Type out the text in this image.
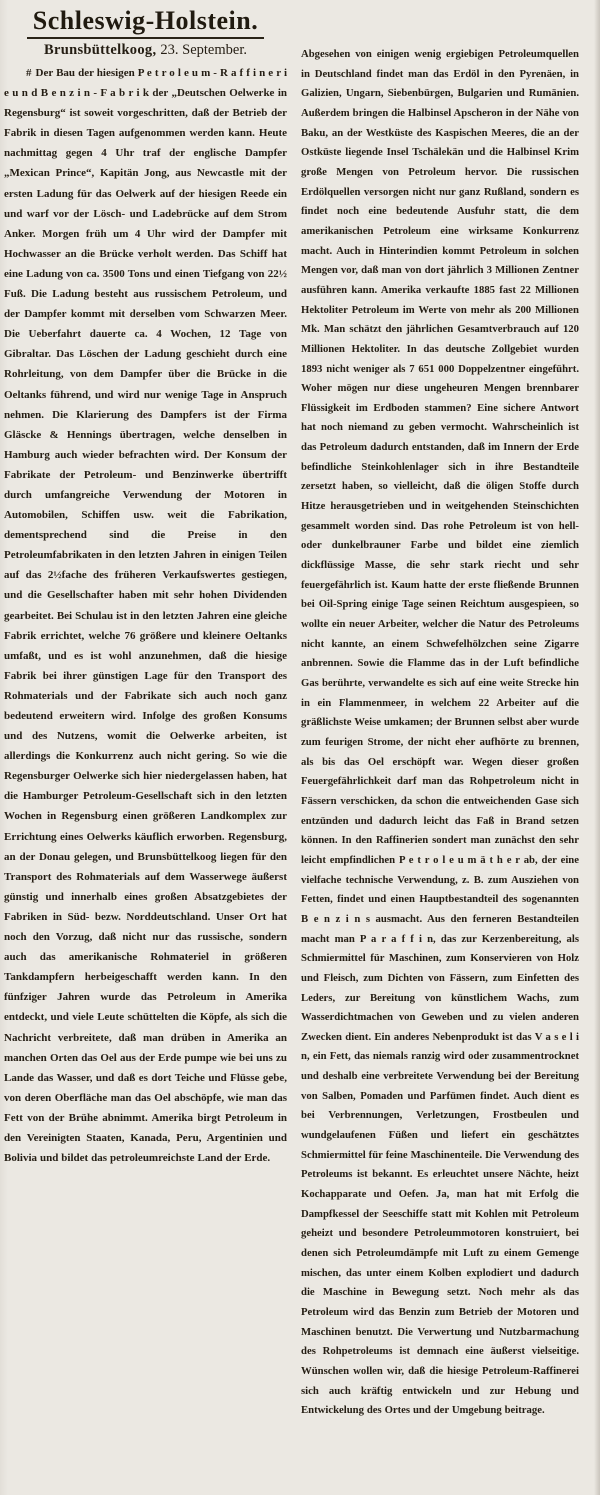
Schleswig-Holstein.

Brunsbüttelkoog, 23. September.

# Der Bau der hiesigen P e t r o l e u m - R a f f i n e r i e u n d B e n z i n - F a b r i k der „Deutschen Oelwerke in Regensburg“ ist soweit vorgeschritten, daß der Betrieb der Fabrik in diesen Tagen aufgenommen werden kann. Heute nachmittag gegen 4 Uhr traf der englische Dampfer „Mexican Prince“, Kapitän Jong, aus Newcastle mit der ersten Ladung für das Oelwerk auf der hiesigen Reede ein und warf vor der Lösch- und Ladebrücke auf dem Strom Anker. Morgen früh um 4 Uhr wird der Dampfer mit Hochwasser an die Brücke verholt werden. Das Schiff hat eine Ladung von ca. 3500 Tons und einen Tiefgang von 22½ Fuß. Die Ladung besteht aus russischem Petroleum, und der Dampfer kommt mit derselben vom Schwarzen Meer. Die Ueberfahrt dauerte ca. 4 Wochen, 12 Tage von Gibraltar. Das Löschen der Ladung geschieht durch eine Rohrleitung, von dem Dampfer über die Brücke in die Oeltanks führend, und wird nur wenige Tage in Anspruch nehmen. Die Klarierung des Dampfers ist der Firma Gläscke & Hennings übertragen, welche denselben in Hamburg auch wieder befrachten wird. Der Konsum der Fabrikate der Petroleum- und Benzinwerke übertrifft durch umfangreiche Verwendung der Motoren in Automobilen, Schiffen usw. weit die Fabrikation, dementsprechend sind die Preise in den Petroleumfabrikaten in den letzten Jahren in einigen Teilen auf das 2½fache des früheren Verkaufswertes gestiegen, und die Gesellschafter haben mit sehr hohen Dividenden gearbeitet. Bei Schulau ist in den letzten Jahren eine gleiche Fabrik errichtet, welche 76 größere und kleinere Oeltanks umfaßt, und es ist wohl anzunehmen, daß die hiesige Fabrik bei ihrer günstigen Lage für den Transport des Rohmaterials und der Fabrikate sich auch noch ganz bedeutend erweitern wird. Infolge des großen Konsums und des Nutzens, womit die Oelwerke arbeiten, ist allerdings die Konkurrenz auch nicht gering. So wie die Regensburger Oelwerke sich hier niedergelassen haben, hat die Hamburger Petroleum-Gesellschaft sich in den letzten Wochen in Regensburg einen größeren Landkomplex zur Errichtung eines Oelwerks käuflich erworben. Regensburg, an der Donau gelegen, und Brunsbüttelkoog liegen für den Transport des Rohmaterials auf dem Wasserwege äußerst günstig und innerhalb eines großen Absatzgebietes der Fabriken in Süd- bezw. Norddeutschland. Unser Ort hat noch den Vorzug, daß nicht nur das russische, sondern auch das amerikanische Rohmateriel in größeren Tankdampfern herbeigeschafft werden kann. In den fünfziger Jahren wurde das Petroleum in Amerika entdeckt, und viele Leute schüttelten die Köpfe, als sich die Nachricht verbreitete, daß man drüben in Amerika an manchen Orten das Oel aus der Erde pumpe wie bei uns zu Lande das Wasser, und daß es dort Teiche und Flüsse gebe, von deren Oberfläche man das Oel abschöpfe, wie man das Fett von der Brühe abnimmt. Amerika birgt Petroleum in den Vereinigten Staaten, Kanada, Peru, Argentinien und Bolivia und bildet das petroleumreichste Land der Erde.

Abgesehen von einigen wenig ergiebigen Petroleumquellen in Deutschland findet man das Erdöl in den Pyrenäen, in Galizien, Ungarn, Siebenbürgen, Bulgarien und Rumänien. Außerdem bringen die Halbinsel Apscheron in der Nähe von Baku, an der Westküste des Kaspischen Meeres, die an der Ostküste liegende Insel Tschälekän und die Halbinsel Krim große Mengen von Petroleum hervor. Die russischen Erdölquellen versorgen nicht nur ganz Rußland, sondern es findet noch eine bedeutende Ausfuhr statt, die dem amerikanischen Petroleum eine wirksame Konkurrenz macht. Auch in Hinterindien kommt Petroleum in solchen Mengen vor, daß man von dort jährlich 3 Millionen Zentner ausführen kann. Amerika verkaufte 1885 fast 22 Millionen Hektoliter Petroleum im Werte von mehr als 200 Millionen Mk. Man schätzt den jährlichen Gesamtverbrauch auf 120 Millionen Hektoliter. In das deutsche Zollgebiet wurden 1893 nicht weniger als 7 651 000 Doppelzentner eingeführt. Woher mögen nur diese ungeheuren Mengen brennbarer Flüssigkeit im Erdboden stammen? Eine sichere Antwort hat noch niemand zu geben vermocht. Wahrscheinlich ist das Petroleum dadurch entstanden, daß im Innern der Erde befindliche Steinkohlenlager sich in ihre Bestandteile zersetzt haben, so vielleicht, daß die öligen Stoffe durch Hitze herausgetrieben und in weitgehenden Steinschichten gesammelt worden sind. Das rohe Petroleum ist von hell- oder dunkelbrauner Farbe und bildet eine ziemlich dickflüssige Masse, die sehr stark riecht und sehr feuergefährlich ist. Kaum hatte der erste fließende Brunnen bei Oil-Spring einige Tage seinen Reichtum ausgespieen, so wollte ein neuer Arbeiter, welcher die Natur des Petroleums nicht kannte, an einem Schwefelhölzchen seine Zigarre anbrennen. Sowie die Flamme das in der Luft befindliche Gas berührte, verwandelte es sich auf eine weite Strecke hin in ein Flammenmeer, in welchem 22 Arbeiter auf die gräßlichste Weise umkamen; der Brunnen selbst aber wurde zum feurigen Strome, der nicht eher aufhörte zu brennen, als bis das Oel erschöpft war. Wegen dieser großen Feuergefährlichkeit darf man das Rohpetroleum nicht in Fässern verschicken, da schon die entweichenden Gase sich entzünden und dadurch leicht das Faß in Brand setzen können. In den Raffinerien sondert man zunächst den sehr leicht empfindlichen P e t r o l e u m ä t h e r ab, der eine vielfache technische Verwendung, z. B. zum Ausziehen von Fetten, findet und einen Hauptbestandteil des sogenannten B e n z i n s ausmacht. Aus den ferneren Bestandteilen macht man P a r a f f i n, das zur Kerzenbereitung, als Schmiermittel für Maschinen, zum Konservieren von Holz und Fleisch, zum Dichten von Fässern, zum Einfetten des Leders, zur Bereitung von künstlichem Wachs, zum Wasserdichtmachen von Geweben und zu vielen anderen Zwecken dient. Ein anderes Nebenprodukt ist das V a s e l i n, ein Fett, das niemals ranzig wird oder zusammentrocknet und deshalb eine verbreitete Verwendung bei der Bereitung von Salben, Pomaden und Parfümen findet. Auch dient es bei Verbrennungen, Verletzungen, Frostbeulen und wundgelaufenen Füßen und liefert ein geschätztes Schmiermittel für feine Maschinenteile. Die Verwendung des Petroleums ist bekannt. Es erleuchtet unsere Nächte, heizt Kochapparate und Oefen. Ja, man hat mit Erfolg die Dampfkessel der Seeschiffe statt mit Kohlen mit Petroleum geheizt und besondere Petroleummotoren konstruiert, bei denen sich Petroleumdämpfe mit Luft zu einem Gemenge mischen, das unter einem Kolben explodiert und dadurch die Maschine in Bewegung setzt. Noch mehr als das Petroleum wird das Benzin zum Betrieb der Motoren und Maschinen benutzt. Die Verwertung und Nutzbarmachung des Rohpetroleums ist demnach eine äußerst vielseitige. Wünschen wollen wir, daß die hiesige Petroleum-Raffinerei sich auch kräftig entwickeln und zur Hebung und Entwickelung des Ortes und der Umgebung beitrage.
